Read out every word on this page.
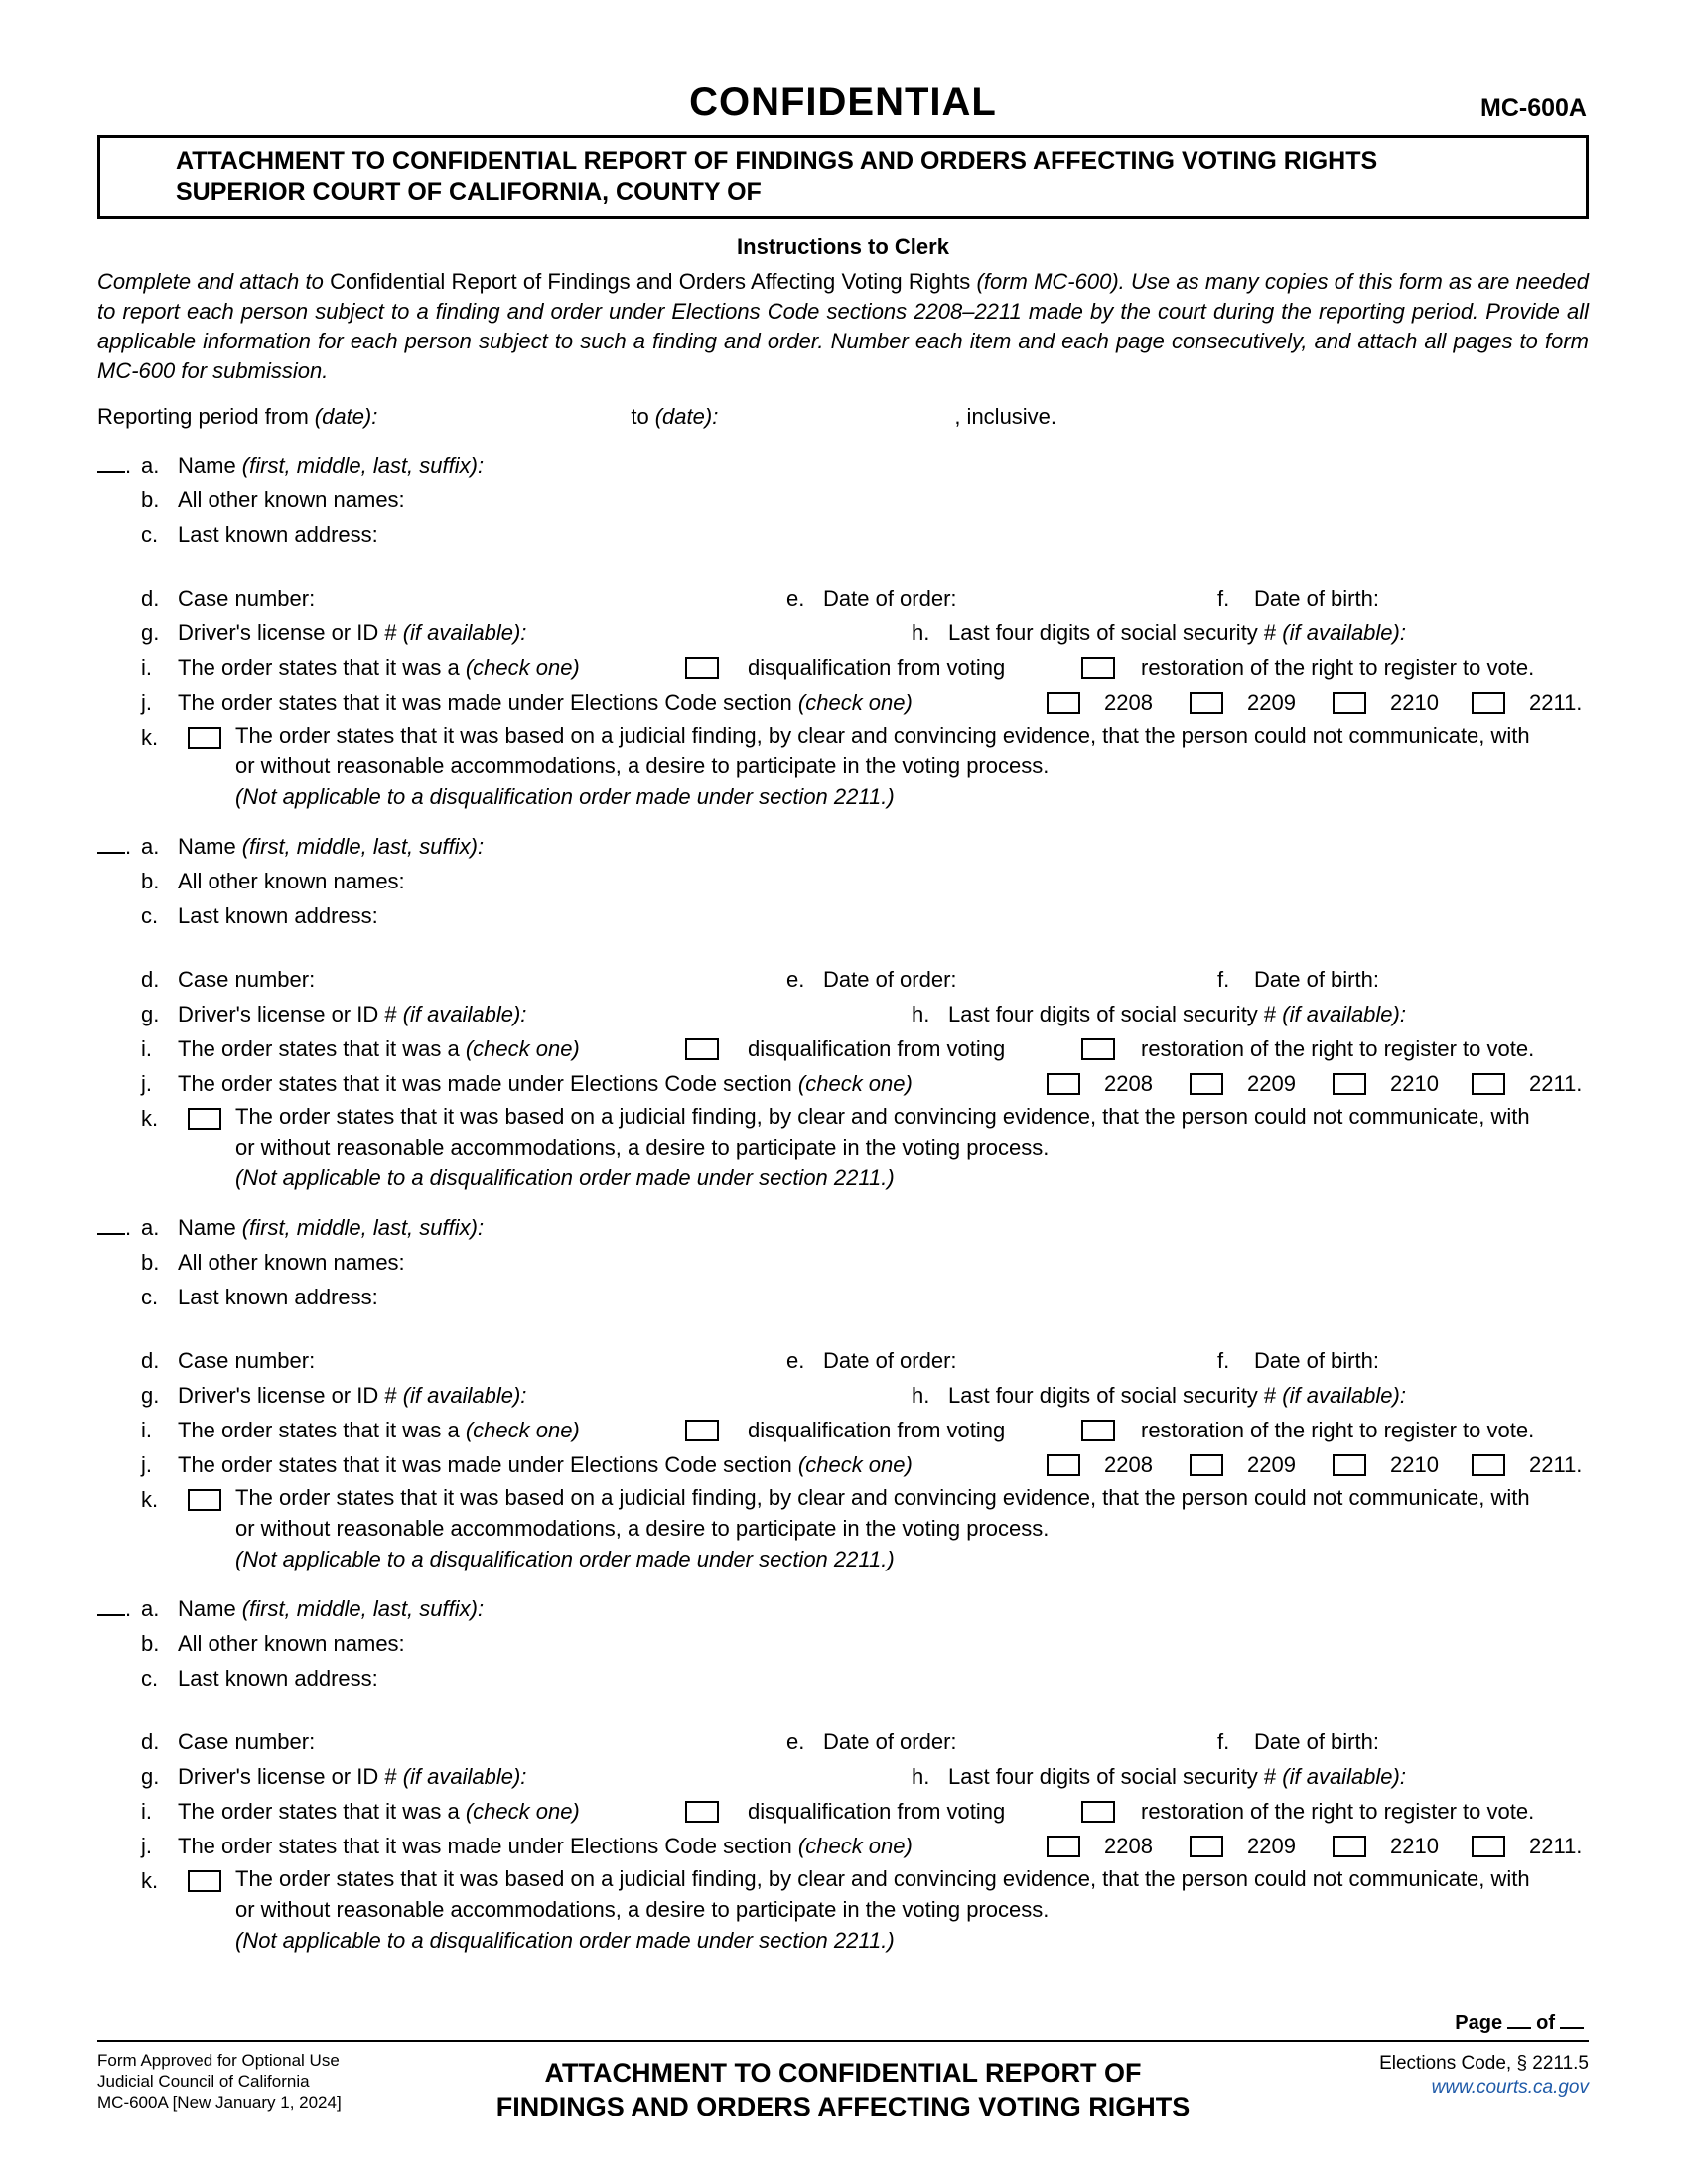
CONFIDENTIAL	MC-600A
ATTACHMENT TO CONFIDENTIAL REPORT OF FINDINGS AND ORDERS AFFECTING VOTING RIGHTS
SUPERIOR COURT OF CALIFORNIA, COUNTY OF
Instructions to Clerk
Complete and attach to Confidential Report of Findings and Orders Affecting Voting Rights (form MC-600). Use as many copies of this form as are needed to report each person subject to a finding and order under Elections Code sections 2208–2211 made by the court during the reporting period. Provide all applicable information for each person subject to such a finding and order. Number each item and each page consecutively, and attach all pages to form MC-600 for submission.
Reporting period from (date):	to (date):	, inclusive.
. a. Name (first, middle, last, suffix):
b. All other known names:
c. Last known address:
d. Case number:	e. Date of order:	f. Date of birth:
g. Driver's license or ID # (if available):	h. Last four digits of social security # (if available):
i.	The order states that it was a (check one)	disqualification from voting	restoration of the right to register to vote.
j.	The order states that it was made under Elections Code section (check one)	2208	2209	2210	2211.
k.	The order states that it was based on a judicial finding, by clear and convincing evidence, that the person could not communicate, with or without reasonable accommodations, a desire to participate in the voting process.
(Not applicable to a disqualification order made under section 2211.)
. a. Name (first, middle, last, suffix):
b. All other known names:
c. Last known address:
d. Case number:	e. Date of order:	f. Date of birth:
g. Driver's license or ID # (if available):	h. Last four digits of social security # (if available):
i.	The order states that it was a (check one)	disqualification from voting	restoration of the right to register to vote.
j.	The order states that it was made under Elections Code section (check one)	2208	2209	2210	2211.
k.	The order states that it was based on a judicial finding, by clear and convincing evidence, that the person could not communicate, with or without reasonable accommodations, a desire to participate in the voting process.
(Not applicable to a disqualification order made under section 2211.)
. a. Name (first, middle, last, suffix):
b. All other known names:
c. Last known address:
d. Case number:	e. Date of order:	f. Date of birth:
g. Driver's license or ID # (if available):	h. Last four digits of social security # (if available):
i.	The order states that it was a (check one)	disqualification from voting	restoration of the right to register to vote.
j.	The order states that it was made under Elections Code section (check one)	2208	2209	2210	2211.
k.	The order states that it was based on a judicial finding, by clear and convincing evidence, that the person could not communicate, with or without reasonable accommodations, a desire to participate in the voting process.
(Not applicable to a disqualification order made under section 2211.)
. a. Name (first, middle, last, suffix):
b. All other known names:
c. Last known address:
d. Case number:	e. Date of order:	f. Date of birth:
g. Driver's license or ID # (if available):	h. Last four digits of social security # (if available):
i.	The order states that it was a (check one)	disqualification from voting	restoration of the right to register to vote.
j.	The order states that it was made under Elections Code section (check one)	2208	2209	2210	2211.
k.	The order states that it was based on a judicial finding, by clear and convincing evidence, that the person could not communicate, with or without reasonable accommodations, a desire to participate in the voting process.
(Not applicable to a disqualification order made under section 2211.)
Page of
Form Approved for Optional Use
Judicial Council of California
MC-600A [New January 1, 2024]
ATTACHMENT TO CONFIDENTIAL REPORT OF
FINDINGS AND ORDERS AFFECTING VOTING RIGHTS
Elections Code, § 2211.5
www.courts.ca.gov
